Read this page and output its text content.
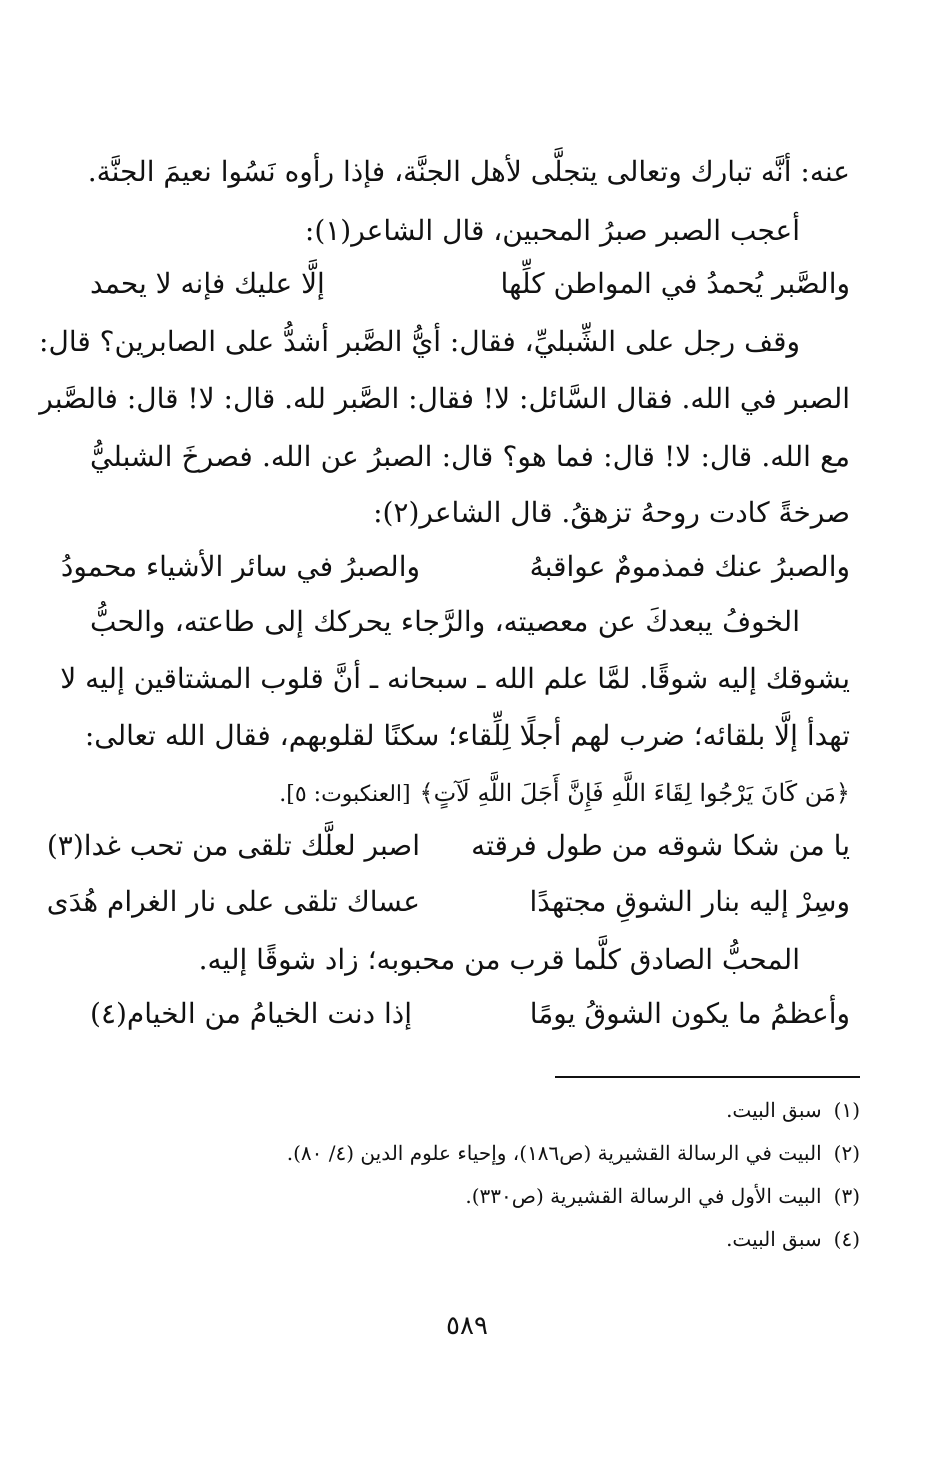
عنه: أنَّه تبارك وتعالى يتجلَّى لأهل الجنَّة، فإذا رأوه نَسُوا نعيمَ الجنَّة.
أعجب الصبر صبرُ المحبين، قال الشاعر(١):
والصَّبر يُحمدُ في المواطن كلِّها
إلَّا عليك فإنه لا يحمد
وقف رجل على الشِّبليِّ، فقال: أيُّ الصَّبر أشدُّ على الصابرين؟ قال:
الصبر في الله. فقال السَّائل: لا! فقال: الصَّبر لله. قال: لا! قال: فالصَّبر
مع الله. قال: لا! قال: فما هو؟ قال: الصبرُ عن الله. فصرخَ الشبليُّ
صرخةً كادت روحهُ تزهقُ. قال الشاعر(٢):
والصبرُ عنك فمذمومٌ عواقبهُ
والصبرُ في سائر الأشياء محمودُ
الخوفُ يبعدكَ عن معصيته، والرَّجاء يحركك إلى طاعته، والحبُّ
يشوقك إليه شوقًا. لمَّا علم الله ـ سبحانه ـ أنَّ قلوب المشتاقين إليه لا
تهدأ إلَّا بلقائه؛ ضرب لهم أجلًا لِلِّقاء؛ سكنًا لقلوبهم، فقال الله تعالى:
﴿مَن كَانَ يَرْجُوا لِقَاءَ اللَّهِ فَإِنَّ أَجَلَ اللَّهِ لَآتٍ﴾ [العنكبوت: ٥].
يا من شكا شوقه من طول فرقته
اصبر لعلَّك تلقى من تحب غدا(٣)
وسِرْ إليه بنار الشوقِ مجتهدًا
عساك تلقى على نار الغرام هُدَى
المحبُّ الصادق كلَّما قرب من محبوبه؛ زاد شوقًا إليه.
وأعظمُ ما يكون الشوقُ يومًا
إذا دنت الخيامُ من الخيام(٤)
(١)سبق البيت.
(٢)البيت في الرسالة القشيرية (ص١٨٦)، وإحياء علوم الدين (٤/ ٨٠).
(٣)البيت الأول في الرسالة القشيرية (ص٣٣٠).
(٤)سبق البيت.
٥٨٩
